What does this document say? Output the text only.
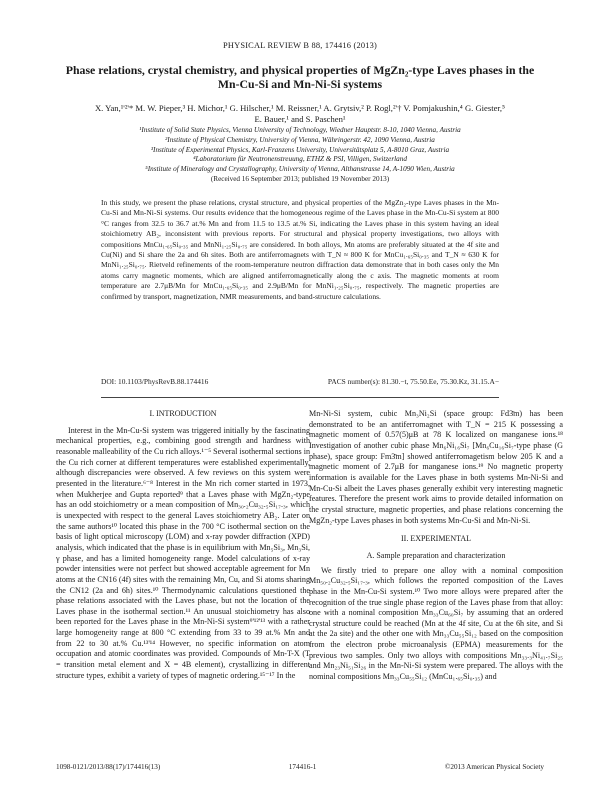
PHYSICAL REVIEW B 88, 174416 (2013)
Phase relations, crystal chemistry, and physical properties of MgZn₂-type Laves phases in the
Mn-Cu-Si and Mn-Ni-Si systems
X. Yan,¹'²'* M. W. Pieper,³ H. Michor,¹ G. Hilscher,¹ M. Reissner,¹ A. Grytsiv,² P. Rogl,²'† V. Pomjakushin,⁴ G. Giester,⁵
E. Bauer,¹ and S. Paschen¹
¹Institute of Solid State Physics, Vienna University of Technology, Wiedner Hauptstr. 8-10, 1040 Vienna, Austria
²Institute of Physical Chemistry, University of Vienna, Währingerstr. 42, 1090 Vienna, Austria
³Institute of Experimental Physics, Karl-Franzens University, Universitätsplatz 5, A-8010 Graz, Austria
⁴Laboratorium für Neutronenstreuung, ETHZ & PSI, Villigen, Switzerland
⁵Institute of Mineralogy and Crystallography, University of Vienna, Althanstrasse 14, A-1090 Wien, Austria
(Received 16 September 2013; published 19 November 2013)
In this study, we present the phase relations, crystal structure, and physical properties of the MgZn₂-type Laves phases in the Mn-Cu-Si and Mn-Ni-Si systems. Our results evidence that the homogeneous regime of the Laves phase in the Mn-Cu-Si system at 800 °C ranges from 32.5 to 36.7 at.% Mn and from 11.5 to 13.5 at.% Si, indicating the Laves phase in this system having an ideal stoichiometry AB₂, inconsistent with previous reports. For structural and physical property investigations, two alloys with compositions MnCu₁.₆₅Si₀.₃₅ and MnNi₁.₂₅Si₀.₇₅ are considered. In both alloys, Mn atoms are preferably situated at the 4f site and Cu(Ni) and Si share the 2a and 6h sites. Both are antiferromagnets with T_N ≈ 800 K for MnCu₁.₆₅Si₀.₃₅ and T_N ≈ 630 K for MnNi₁.₂₅Si₀.₇₅. Rietveld refinements of the room-temperature neutron diffraction data demonstrate that in both cases only the Mn atoms carry magnetic moments, which are aligned antiferromagnetically along the c axis. The magnetic moments at room temperature are 2.7μB/Mn for MnCu₁.₆₅Si₀.₃₅ and 2.9μB/Mn for MnNi₁.₂₅Si₀.₇₅, respectively. The magnetic properties are confirmed by transport, magnetization, NMR measurements, and band-structure calculations.
DOI: 10.1103/PhysRevB.88.174416	PACS number(s): 81.30.−t, 75.50.Ee, 75.30.Kz, 31.15.A−
I. INTRODUCTION

Interest in the Mn-Cu-Si system was triggered initially by the fascinating mechanical properties, e.g., combining good strength and hardness with reasonable malleability of the Cu rich alloys.¹⁻⁵ Several isothermal sections in the Cu rich corner at different temperatures were established experimentally, although discrepancies were observed. A few reviews on this system were presented in the literature.⁶⁻⁸ Interest in the Mn rich corner started in 1973, when Mukherjee and Gupta reported⁹ that a Laves phase with MgZn₂-type has an odd stoichiometry or a mean composition of Mn₃₀.₂Cu₃₂.₅Si₁₇.₃, which is unexpected with respect to the general Laves stoichiometry AB₂. Later on the same authors¹⁰ located this phase in the 700 °C isothermal section on the basis of light optical microscopy (LOM) and x-ray powder diffraction (XPD) analysis, which indicated that the phase is in equilibrium with Mn₅Si₃, Mn₃Si, γ phase, and has a limited homogeneity range. Model calculations of x-ray powder intensities were not perfect but showed acceptable agreement for Mn atoms at the CN16 (4f) sites with the remaining Mn, Cu, and Si atoms sharing the CN12 (2a and 6h) sites.¹⁰ Thermodynamic calculations questioned the phase relations associated with the Laves phase, but not the location of the Laves phase in the isothermal section.¹¹ An unusual stoichiometry has also been reported for the Laves phase in the Mn-Ni-Si system⁹'¹²'¹³ with a rather large homogeneity range at 800 °C extending from 33 to 39 at.% Mn and from 22 to 30 at.% Cu.¹³'¹⁴ However, no specific information on atom occupation and atomic coordinates was provided. Compounds of Mn-T-X (T = transition metal element and X = 4B element), crystallizing in different structure types, exhibit a variety of types of magnetic ordering.¹⁵⁻¹⁷ In the

Mn-Ni-Si system, cubic Mn₃Ni₂Si (space group: Fd3̄m) has been demonstrated to be an antiferromagnet with T_N = 215 K possessing a magnetic moment of 0.57(5)μB at 78 K localized on manganese ions.¹⁸ Investigation of another cubic phase Mn₆Ni₁₆Si₇ [Mn₆Cu₁₆Si₇-type phase (G phase), space group: Fm3̄m] showed antiferromagetism below 205 K and a magnetic moment of 2.7μB for manganese ions.¹⁹ No magnetic property information is available for the Laves phase in both systems Mn-Ni-Si and Mn-Cu-Si albeit the Laves phases generally exhibit very interesting magnetic features. Therefore the present work aims to provide detailed information on the crystal structure, magnetic properties, and phase relations concerning the MgZn₂-type Laves phases in both systems Mn-Cu-Si and Mn-Ni-Si.

II. EXPERIMENTAL
A. Sample preparation and characterization

We firstly tried to prepare one alloy with a nominal composition Mn₅₀.₂Cu₃₂.₅Si₁₇.₃, which follows the reported composition of the Laves phase in the Mn-Cu-Si system.¹⁰ Two more alloys were prepared after the recognition of the true single phase region of the Laves phase from that alloy: one with a nominal composition Mn₃₃Cu₆₀Si₇ by assuming that an ordered crystal structure could be reached (Mn at the 4f site, Cu at the 6h site, and Si at the 2a site) and the other one with Mn₃₃Cu₅₅Si₁₂ based on the composition from the electron probe microanalysis (EPMA) measurements for the previous two samples. Only two alloys with compositions Mn₃₃.₃Ni₄₁.₇Si₂₅ and Mn₂₃Ni₅₁Si₂₆ in the Mn-Ni-Si system were prepared. The alloys with the nominal compositions Mn₃₃Cu₅₅Si₁₂ (MnCu₁.₆₅Si₀.₃₅) and

1098-0121/2013/88(17)/174416(13)	174416-1	©2013 American Physical Society
